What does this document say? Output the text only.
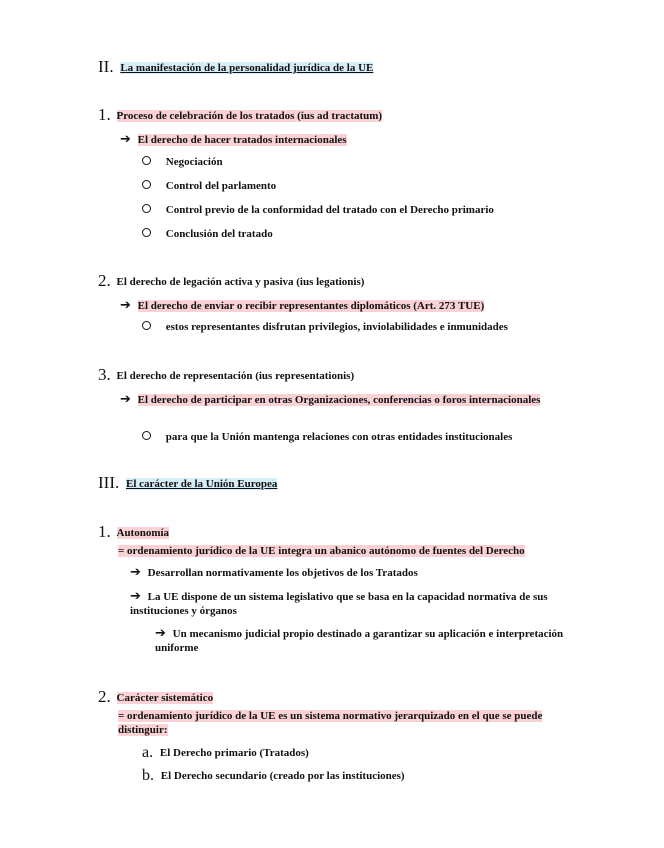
II. La manifestación de la personalidad jurídica de la UE
1. Proceso de celebración de los tratados (ius ad tractatum)
➔ El derecho de hacer tratados internacionales
Negociación
Control del parlamento
Control previo de la conformidad del tratado con el Derecho primario
Conclusión del tratado
2. El derecho de legación activa y pasiva (ius legationis)
➔ El derecho de enviar o recibir representantes diplomáticos (Art. 273 TUE)
estos representantes disfrutan privilegios, inviolabilidades e inmunidades
3. El derecho de representación (ius representationis)
➔ El derecho de participar en otras Organizaciones, conferencias o foros internacionales
para que la Unión mantenga relaciones con otras entidades institucionales
III. El carácter de la Unión Europea
1. Autonomía
= ordenamiento jurídico de la UE integra un abanico autónomo de fuentes del Derecho
➔ Desarrollan normativamente los objetivos de los Tratados
➔ La UE dispone de un sistema legislativo que se basa en la capacidad normativa de sus instituciones y órganos
➔ Un mecanismo judicial propio destinado a garantizar su aplicación e interpretación uniforme
2. Carácter sistemático
= ordenamiento jurídico de la UE es un sistema normativo jerarquizado en el que se puede distinguir:
a. El Derecho primario (Tratados)
b. El Derecho secundario (creado por las instituciones)
